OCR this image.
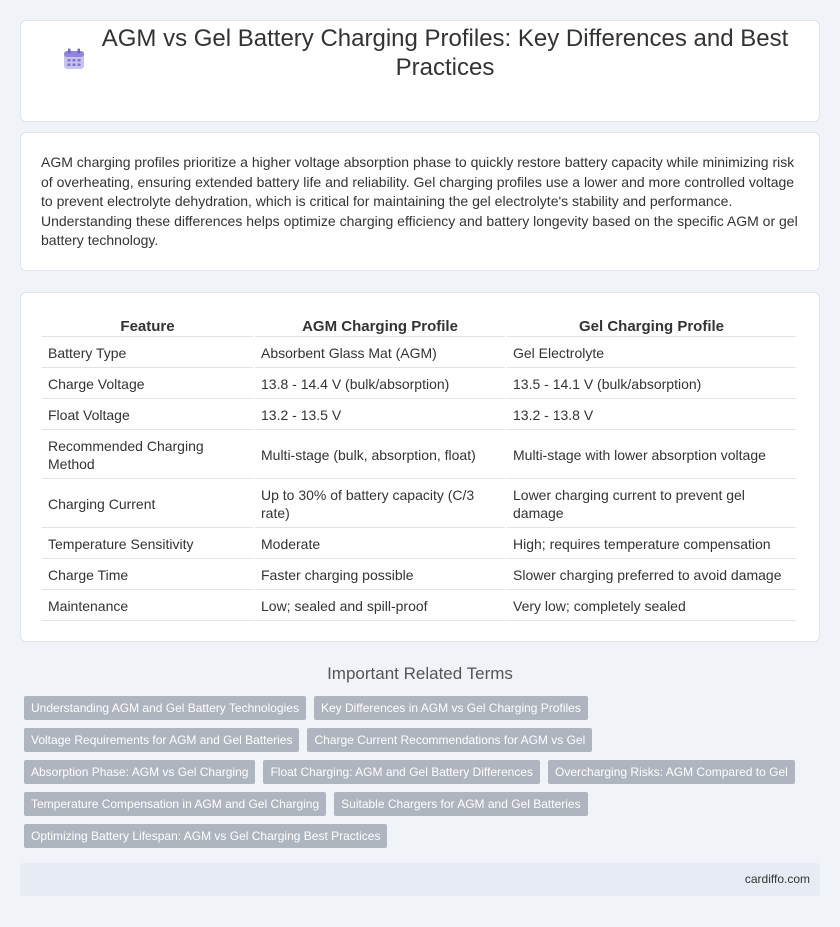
AGM vs Gel Battery Charging Profiles: Key Differences and Best Practices

AGM charging profiles prioritize a higher voltage absorption phase to quickly restore battery capacity while minimizing risk of overheating, ensuring extended battery life and reliability. Gel charging profiles use a lower and more controlled voltage to prevent electrolyte dehydration, which is critical for maintaining the gel electrolyte's stability and performance. Understanding these differences helps optimize charging efficiency and battery longevity based on the specific AGM or gel battery technology.

Feature	AGM Charging Profile	Gel Charging Profile
Battery Type	Absorbent Glass Mat (AGM)	Gel Electrolyte
Charge Voltage	13.8 - 14.4 V (bulk/absorption)	13.5 - 14.1 V (bulk/absorption)
Float Voltage	13.2 - 13.5 V	13.2 - 13.8 V
Recommended Charging Method	Multi-stage (bulk, absorption, float)	Multi-stage with lower absorption voltage
Charging Current	Up to 30% of battery capacity (C/3 rate)	Lower charging current to prevent gel damage
Temperature Sensitivity	Moderate	High; requires temperature compensation
Charge Time	Faster charging possible	Slower charging preferred to avoid damage
Maintenance	Low; sealed and spill-proof	Very low; completely sealed
Important Related Terms
Understanding AGM and Gel Battery Technologies	Key Differences in AGM vs Gel Charging Profiles
Voltage Requirements for AGM and Gel Batteries	Charge Current Recommendations for AGM vs Gel
Absorption Phase: AGM vs Gel Charging	Float Charging: AGM and Gel Battery Differences	Overcharging Risks: AGM Compared to Gel
Temperature Compensation in AGM and Gel Charging	Suitable Chargers for AGM and Gel Batteries
Optimizing Battery Lifespan: AGM vs Gel Charging Best Practices
cardiffo.com
